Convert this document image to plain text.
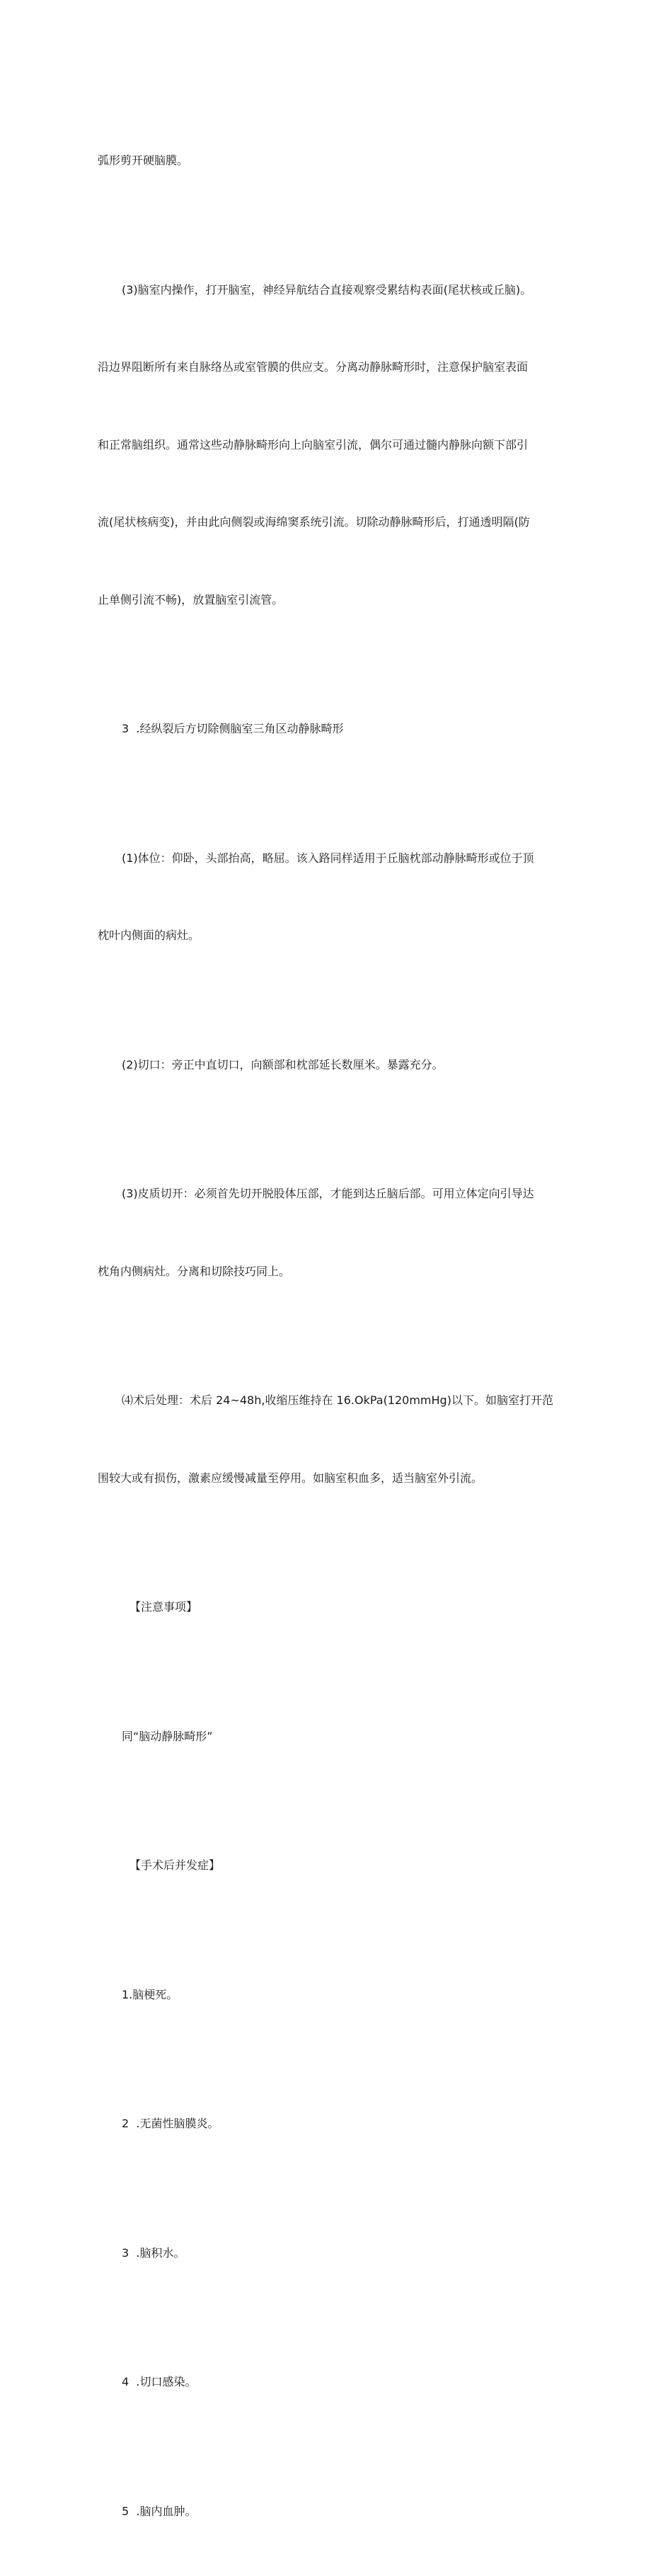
弧形剪开硬脑膜。

(3)脑室内操作，打开脑室，神经异航结合直接观察受累结构表面(尾状核或丘脑)。

沿边界阻断所有来自脉络丛或室管膜的供应支。分离动静脉畸形时，注意保护脑室表面

和正常脑组织。通常这些动静脉畸形向上向脑室引流，偶尔可通过髓内静脉向额下部引

流(尾状核病变)，并由此向侧裂或海绵窦系统引流。切除动静脉畸形后，打通透明隔(防

止单侧引流不畅)，放置脑室引流管。

3  .经纵裂后方切除侧脑室三角区动静脉畸形

(1)体位：仰卧，头部抬高，略屈。该入路同样适用于丘脑枕部动静脉畸形或位于顶

枕叶内侧面的病灶。

(2)切口：旁正中直切口，向额部和枕部延长数厘米。暴露充分。

(3)皮质切开：必须首先切开脱股体压部，才能到达丘脑后部。可用立体定向引导达

枕角内侧病灶。分离和切除技巧同上。

⑷术后处理：术后 24~48h,收缩压维持在 16.OkPa(120mmHg)以下。如脑室打开范

围较大或有损伤，激素应缓慢减量至停用。如脑室积血多，适当脑室外引流。

【注意事项】

同“脑动静脉畸形”

【手术后并发症】

1.脑梗死。

2  .无菌性脑膜炎。

3  .脑积水。

4  .切口感染。

5  .脑内血肿。
